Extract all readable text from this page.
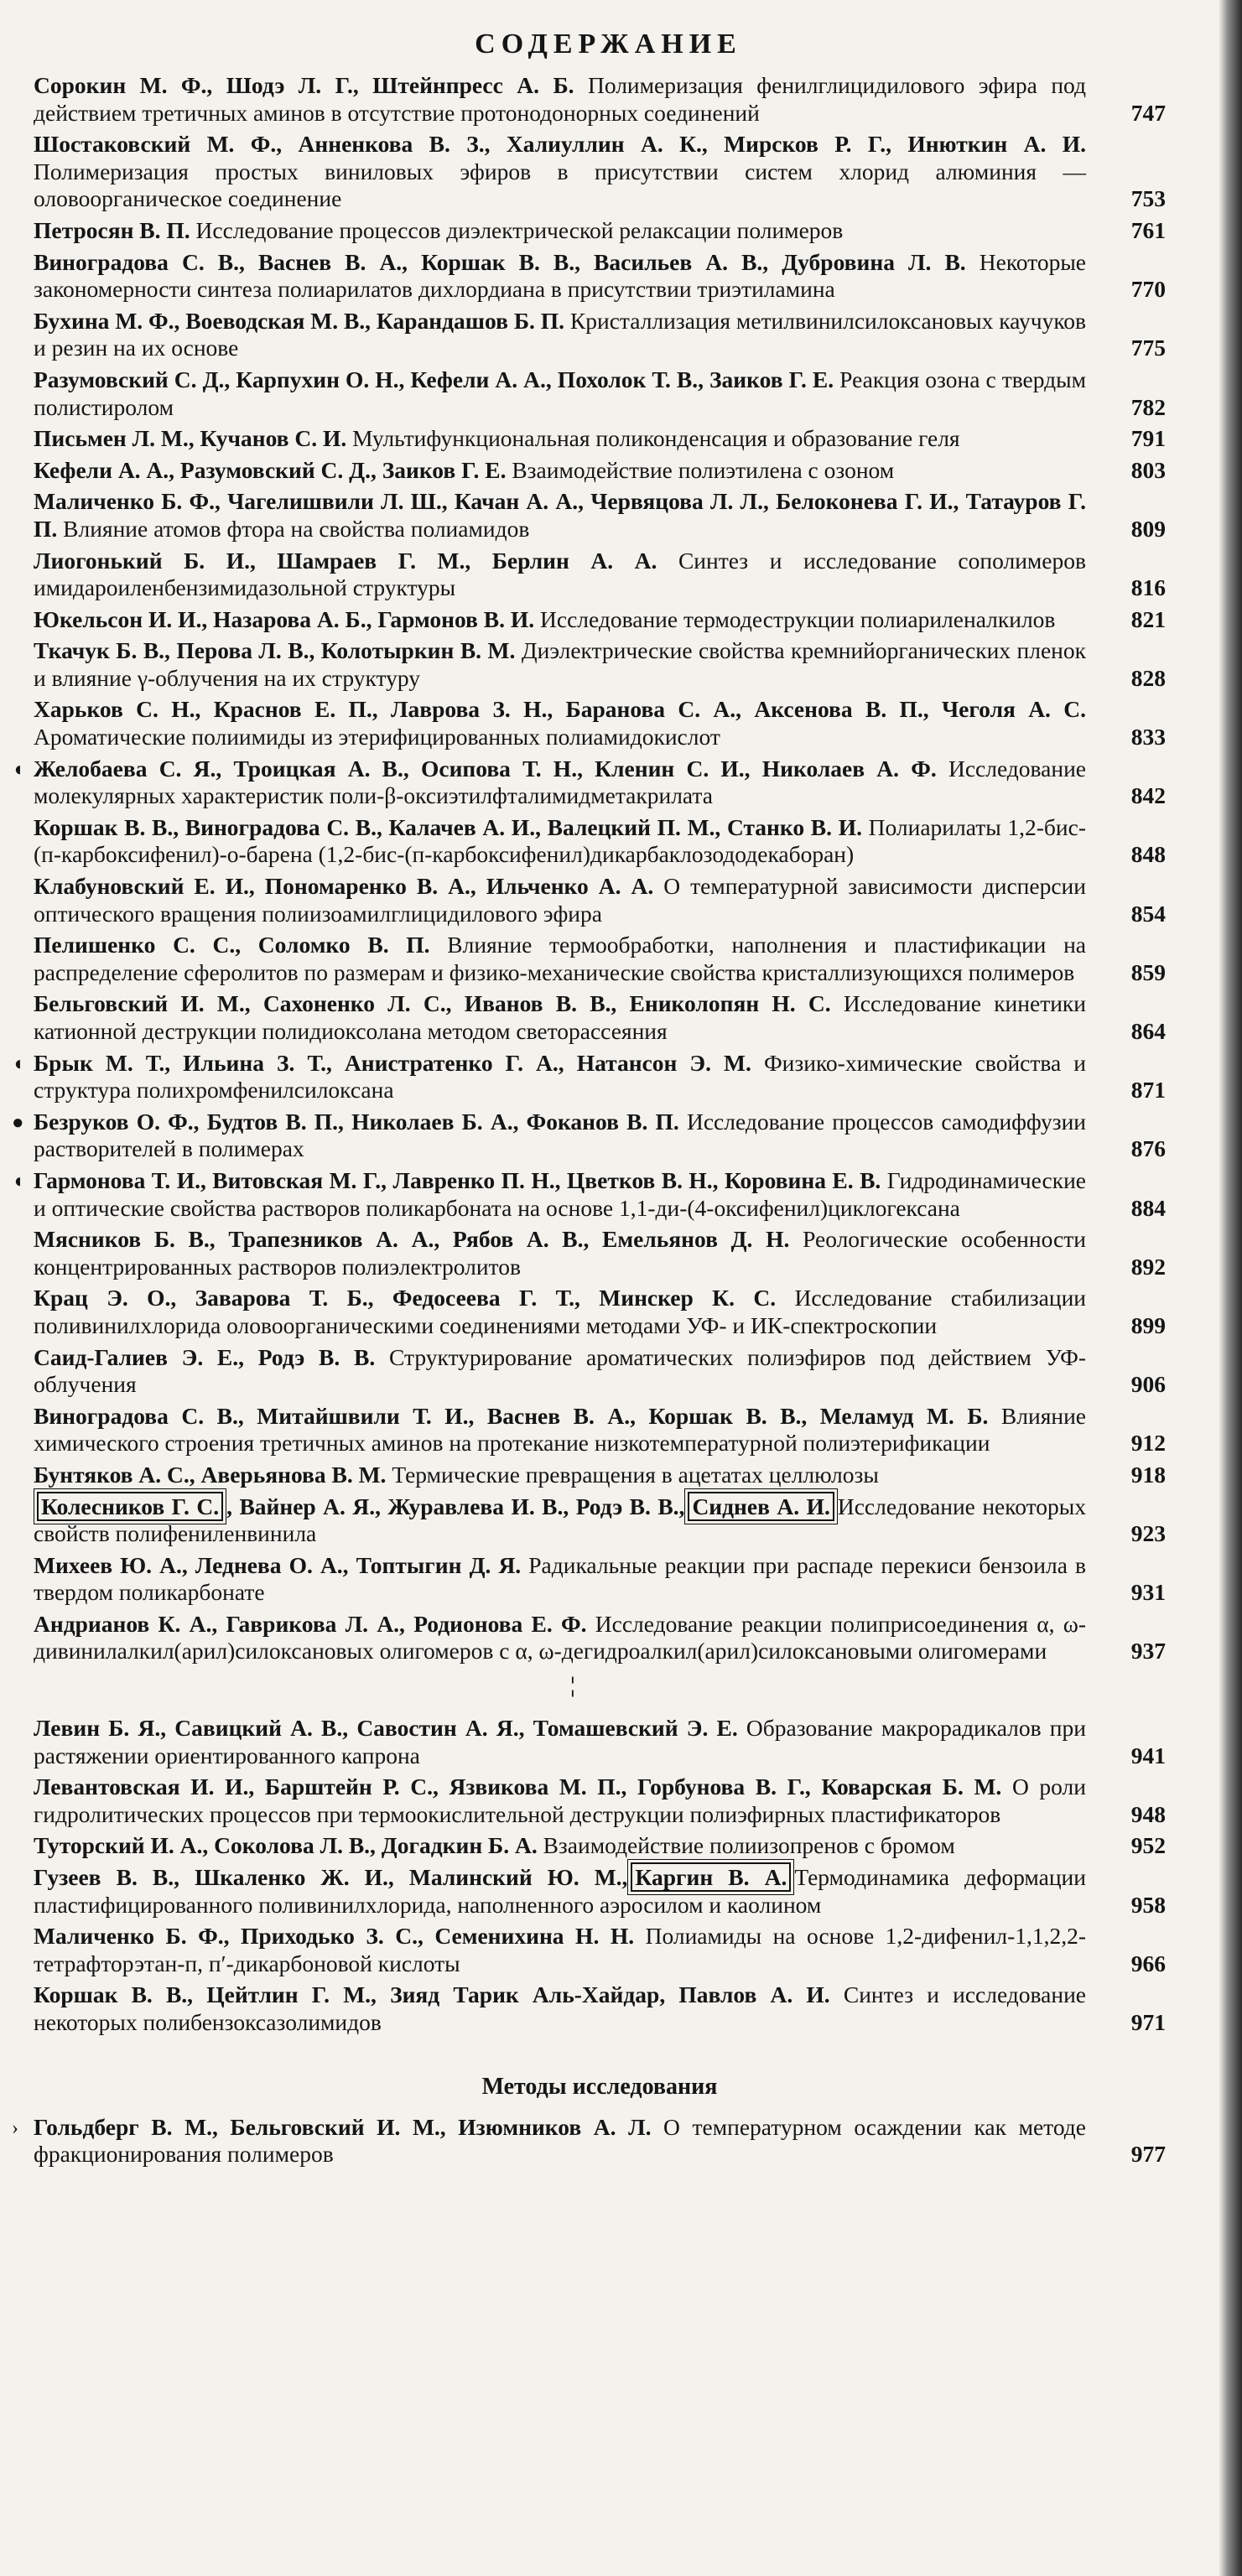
СОДЕРЖАНИЕ
Сорокин М. Ф., Шодэ Л. Г., Штейнпресс А. Б. Полимеризация фенилглицидилового эфира под действием третичных аминов в отсутствие протонодонорных соединений	747
Шостаковский М. Ф., Анненкова В. З., Халиуллин А. К., Мирсков Р. Г., Инюткин А. И. Полимеризация простых виниловых эфиров в присутствии систем хлорид алюминия — оловоорганическое соединение	753
Петросян В. П. Исследование процессов диэлектрической релаксации полимеров	761
Виноградова С. В., Васнев В. А., Коршак В. В., Васильев А. В., Дубровина Л. В. Некоторые закономерности синтеза полиарилатов дихлордиана в присутствии триэтиламина	770
Бухина М. Ф., Воеводская М. В., Карандашов Б. П. Кристаллизация метилвинилсилоксановых каучуков и резин на их основе	775
Разумовский С. Д., Карпухин О. Н., Кефели А. А., Похолок Т. В., Заиков Г. Е. Реакция озона с твердым полистиролом	782
Письмен Л. М., Кучанов С. И. Мультифункциональная поликонденсация и образование геля	791
Кефели А. А., Разумовский С. Д., Заиков Г. Е. Взаимодействие полиэтилена с озоном	803
Маличенко Б. Ф., Чагелишвили Л. Ш., Качан А. А., Червяцова Л. Л., Белоконева Г. И., Татауров Г. П. Влияние атомов фтора на свойства полиамидов	809
Лиогонький Б. И., Шамраев Г. М., Берлин А. А. Синтез и исследование сополимеров имидароиленбензимидазольной структуры	816
Юкельсон И. И., Назарова А. Б., Гармонов В. И. Исследование термодеструкции полиариленалкилов	821
Ткачук Б. В., Перова Л. В., Колотыркин В. М. Диэлектрические свойства кремнийорганических пленок и влияние γ-облучения на их структуру	828
Харьков С. Н., Краснов Е. П., Лаврова З. Н., Баранова С. А., Аксенова В. П., Чеголя А. С. Ароматические полиимиды из этерифицированных полиамидокислот	833
◖ Желобаева С. Я., Троицкая А. В., Осипова Т. Н., Кленин С. И., Николаев А. Ф. Исследование молекулярных характеристик поли-β-оксиэтилфталимидметакрилата	842
Коршак В. В., Виноградова С. В., Калачев А. И., Валецкий П. М., Станко В. И. Полиарилаты 1,2-бис-(п-карбоксифенил)-о-барена (1,2-бис-(п-карбоксифенил)дикарбаклозододекаборан)	848
Клабуновский Е. И., Пономаренко В. А., Ильченко А. А. О температурной зависимости дисперсии оптического вращения полиизоамилглицидилового эфира	854
Пелишенко С. С., Соломко В. П. Влияние термообработки, наполнения и пластификации на распределение сферолитов по размерам и физико-механические свойства кристаллизующихся полимеров	859
Бельговский И. М., Сахоненко Л. С., Иванов В. В., Ениколопян Н. С. Исследование кинетики катионной деструкции полидиоксолана методом светорассеяния	864
◖ Брык М. Т., Ильина З. Т., Анистратенко Г. А., Натансон Э. М. Физико-химические свойства и структура полихромфенилсилоксана	871
● Безруков О. Ф., Будтов В. П., Николаев Б. А., Фоканов В. П. Исследование процессов самодиффузии растворителей в полимерах	876
◖ Гармонова Т. И., Витовская М. Г., Лавренко П. Н., Цветков В. Н., Коровина Е. В. Гидродинамические и оптические свойства растворов поликарбоната на основе 1,1-ди-(4-оксифенил)циклогексана	884
Мясников Б. В., Трапезников А. А., Рябов А. В., Емельянов Д. Н. Реологические особенности концентрированных растворов полиэлектролитов	892
Крац Э. О., Заварова Т. Б., Федосеева Г. Т., Минскер К. С. Исследование стабилизации поливинилхлорида оловоорганическими соединениями методами УФ- и ИК-спектроскопии	899
Саид-Галиев Э. Е., Родэ В. В. Структурирование ароматических полиэфиров под действием УФ-облучения	906
Виноградова С. В., Митайшвили Т. И., Васнев В. А., Коршак В. В., Меламуд М. Б. Влияние химического строения третичных аминов на протекание низкотемпературной полиэтерификации	912
Бунтяков А. С., Аверьянова В. М. Термические превращения в ацетатах целлюлозы	918
Колесников Г. С. , Вайнер А. Я., Журавлева И. В., Родэ В. В., Сиднев А. И. Исследование некоторых свойств полифениленвинила	923
Михеев Ю. А., Леднева О. А., Топтыгин Д. Я. Радикальные реакции при распаде перекиси бензоила в твердом поликарбонате	931
Андрианов К. А., Гаврикова Л. А., Родионова Е. Ф. Исследование реакции полиприсоединения α, ω-дивинилалкил(арил)силоксановых олигомеров с α, ω-дегидроалкил(арил)силоксановыми олигомерами	937
¦
Левин Б. Я., Савицкий А. В., Савостин А. Я., Томашевский Э. Е. Образование макрорадикалов при растяжении ориентированного капрона	941
Левантовская И. И., Барштейн Р. С., Язвикова М. П., Горбунова В. Г., Коварская Б. М. О роли гидролитических процессов при термоокислительной деструкции полиэфирных пластификаторов	948
Туторский И. А., Соколова Л. В., Догадкин Б. А. Взаимодействие полиизопренов с бромом	952
Гузеев В. В., Шкаленко Ж. И., Малинский Ю. М., Каргин В. А. Термодинамика деформации пластифицированного поливинилхлорида, наполненного аэросилом и каолином	958
Маличенко Б. Ф., Приходько З. С., Семенихина Н. Н. Полиамиды на основе 1,2-дифенил-1,1,2,2-тетрафторэтан-п, п′-дикарбоновой кислоты	966
Коршак В. В., Цейтлин Г. М., Зияд Тарик Аль-Хайдар, Павлов А. И. Синтез и исследование некоторых полибензоксазолимидов	971
Методы исследования
› Гольдберг В. М., Бельговский И. М., Изюмников А. Л. О температурном осаждении как методе фракционирования полимеров	977
